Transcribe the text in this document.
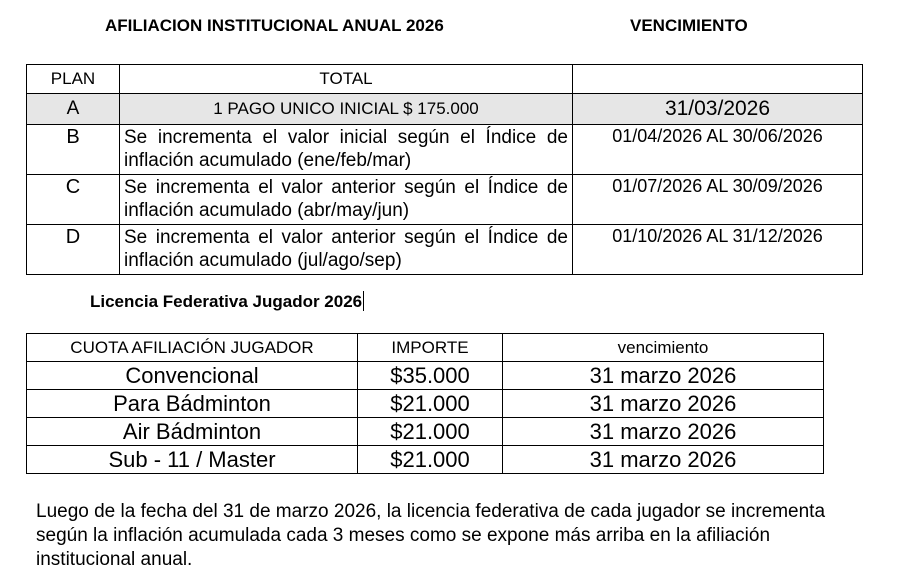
AFILIACION INSTITUCIONAL ANUAL 2026	VENCIMIENTO
PLAN	TOTAL	
A	1 PAGO UNICO INICIAL $ 175.000	31/03/2026
B	Se incrementa el valor inicial según el Índice de inflación acumulado (ene/feb/mar)	01/04/2026 AL 30/06/2026
C	Se incrementa el valor anterior según el Índice de inflación acumulado (abr/may/jun)	01/07/2026 AL 30/09/2026
D	Se incrementa el valor anterior según el Índice de inflación acumulado (jul/ago/sep)	01/10/2026 AL 31/12/2026
Licencia Federativa Jugador 2026
CUOTA AFILIACIÓN JUGADOR	IMPORTE	vencimiento
Convencional	$35.000	31 marzo 2026
Para Bádminton	$21.000	31 marzo 2026
Air Bádminton	$21.000	31 marzo 2026
Sub - 11 / Master	$21.000	31 marzo 2026
Luego de la fecha del 31 de marzo 2026, la licencia federativa de cada jugador se incrementa según la inflación acumulada cada 3 meses como se expone más arriba en la afiliación institucional anual.
